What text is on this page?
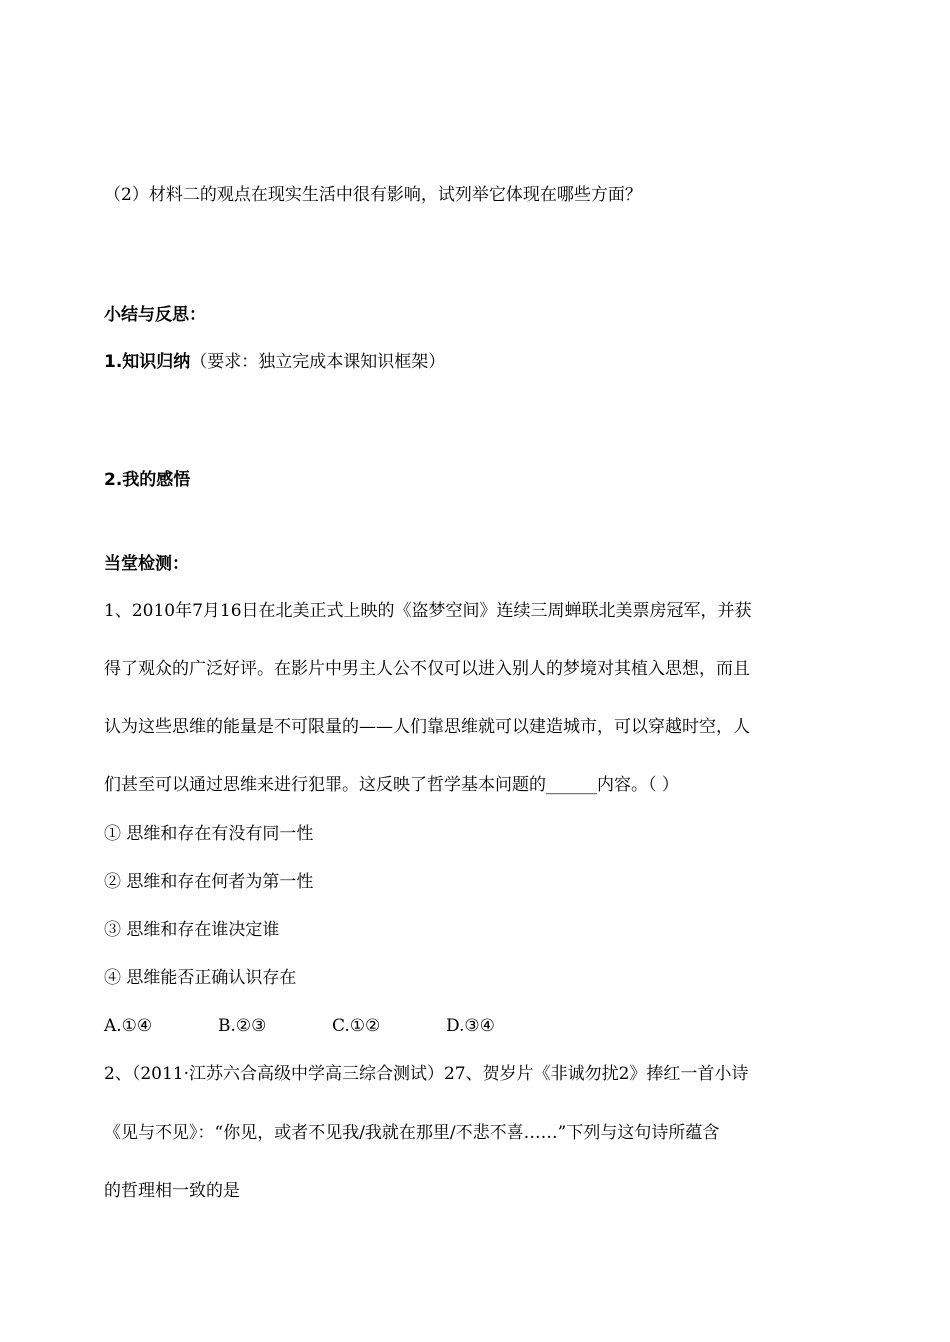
（2）材料二的观点在现实生活中很有影响，试列举它体现在哪些方面？
小结与反思：
1.知识归纳（要求：独立完成本课知识框架）
2.我的感悟
当堂检测：
1、2010年7月16日在北美正式上映的《盗梦空间》连续三周蝉联北美票房冠军，并获
得了观众的广泛好评。在影片中男主人公不仅可以进入别人的梦境对其植入思想，而且
认为这些思维的能量是不可限量的——人们靠思维就可以建造城市，可以穿越时空，人
们甚至可以通过思维来进行犯罪。这反映了哲学基本问题的______内容。（ ）
① 思维和存在有没有同一性
② 思维和存在何者为第一性
③ 思维和存在谁决定谁
④ 思维能否正确认识存在
A.①④	B.②③	C.①②	D.③④
2、（2011·江苏六合高级中学高三综合测试）27、贺岁片《非诚勿扰2》捧红一首小诗
《见与不见》：“你见，或者不见我/我就在那里/不悲不喜……”下列与这句诗所蕴含
的哲理相一致的是
